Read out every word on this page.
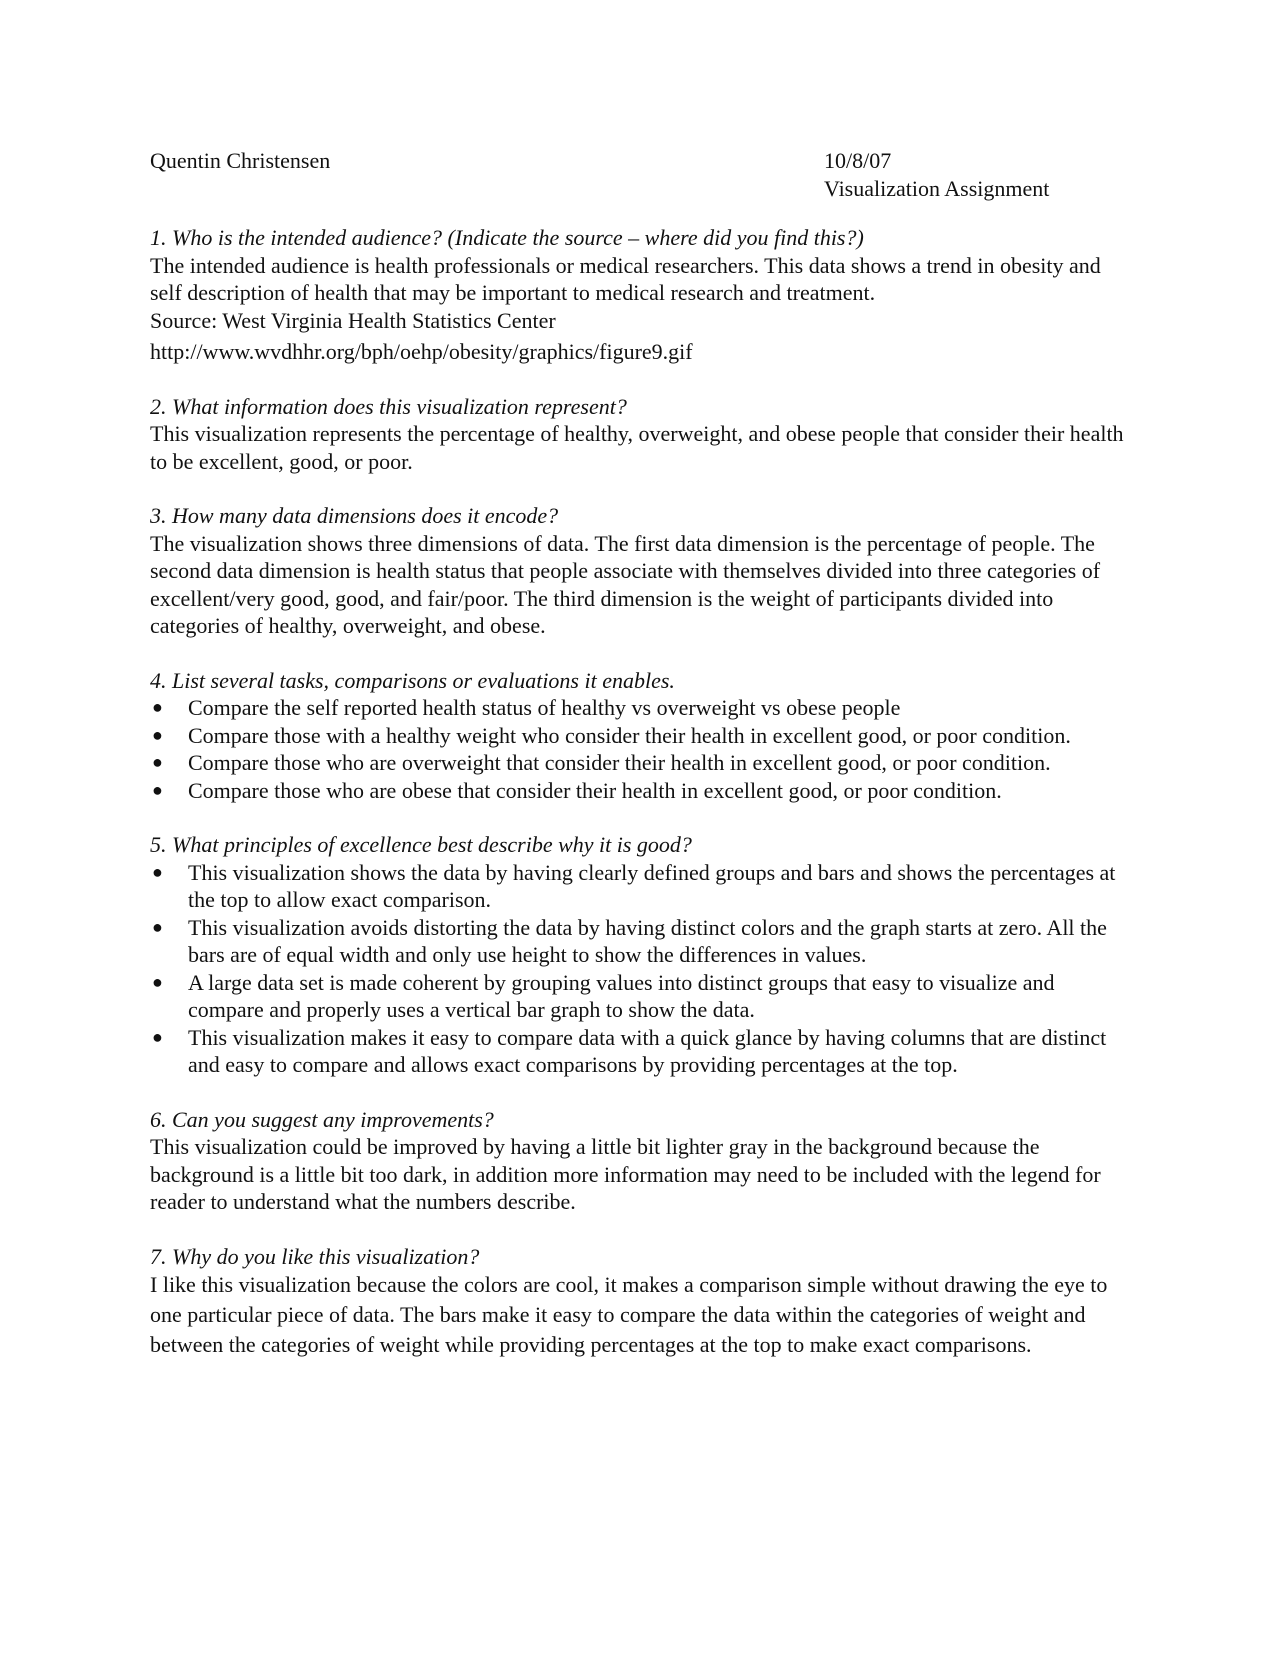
Quentin Christensen	10/8/07
Visualization Assignment

1. Who is the intended audience? (Indicate the source – where did you find this?)

The intended audience is health professionals or medical researchers. This data shows a trend in obesity and self description of health that may be important to medical research and treatment.

Source: West Virginia Health Statistics Center

http://www.wvdhhr.org/bph/oehp/obesity/graphics/figure9.gif

2. What information does this visualization represent?

This visualization represents the percentage of healthy, overweight, and obese people that consider their health to be excellent, good, or poor.

3. How many data dimensions does it encode?

The visualization shows three dimensions of data. The first data dimension is the percentage of people. The second data dimension is health status that people associate with themselves divided into three categories of excellent/very good, good, and fair/poor. The third dimension is the weight of participants divided into categories of healthy, overweight, and obese.

4. List several tasks, comparisons or evaluations it enables.

● Compare the self reported health status of healthy vs overweight vs obese people
● Compare those with a healthy weight who consider their health in excellent good, or poor condition.
● Compare those who are overweight that consider their health in excellent good, or poor condition.
● Compare those who are obese that consider their health in excellent good, or poor condition.

5. What principles of excellence best describe why it is good?

● This visualization shows the data by having clearly defined groups and bars and shows the percentages at the top to allow exact comparison.
● This visualization avoids distorting the data by having distinct colors and the graph starts at zero. All the bars are of equal width and only use height to show the differences in values.
● A large data set is made coherent by grouping values into distinct groups that easy to visualize and compare and properly uses a vertical bar graph to show the data.
● This visualization makes it easy to compare data with a quick glance by having columns that are distinct and easy to compare and allows exact comparisons by providing percentages at the top.

6. Can you suggest any improvements?

This visualization could be improved by having a little bit lighter gray in the background because the background is a little bit too dark, in addition more information may need to be included with the legend for reader to understand what the numbers describe.

7. Why do you like this visualization?

I like this visualization because the colors are cool, it makes a comparison simple without drawing the eye to one particular piece of data. The bars make it easy to compare the data within the categories of weight and between the categories of weight while providing percentages at the top to make exact comparisons.
